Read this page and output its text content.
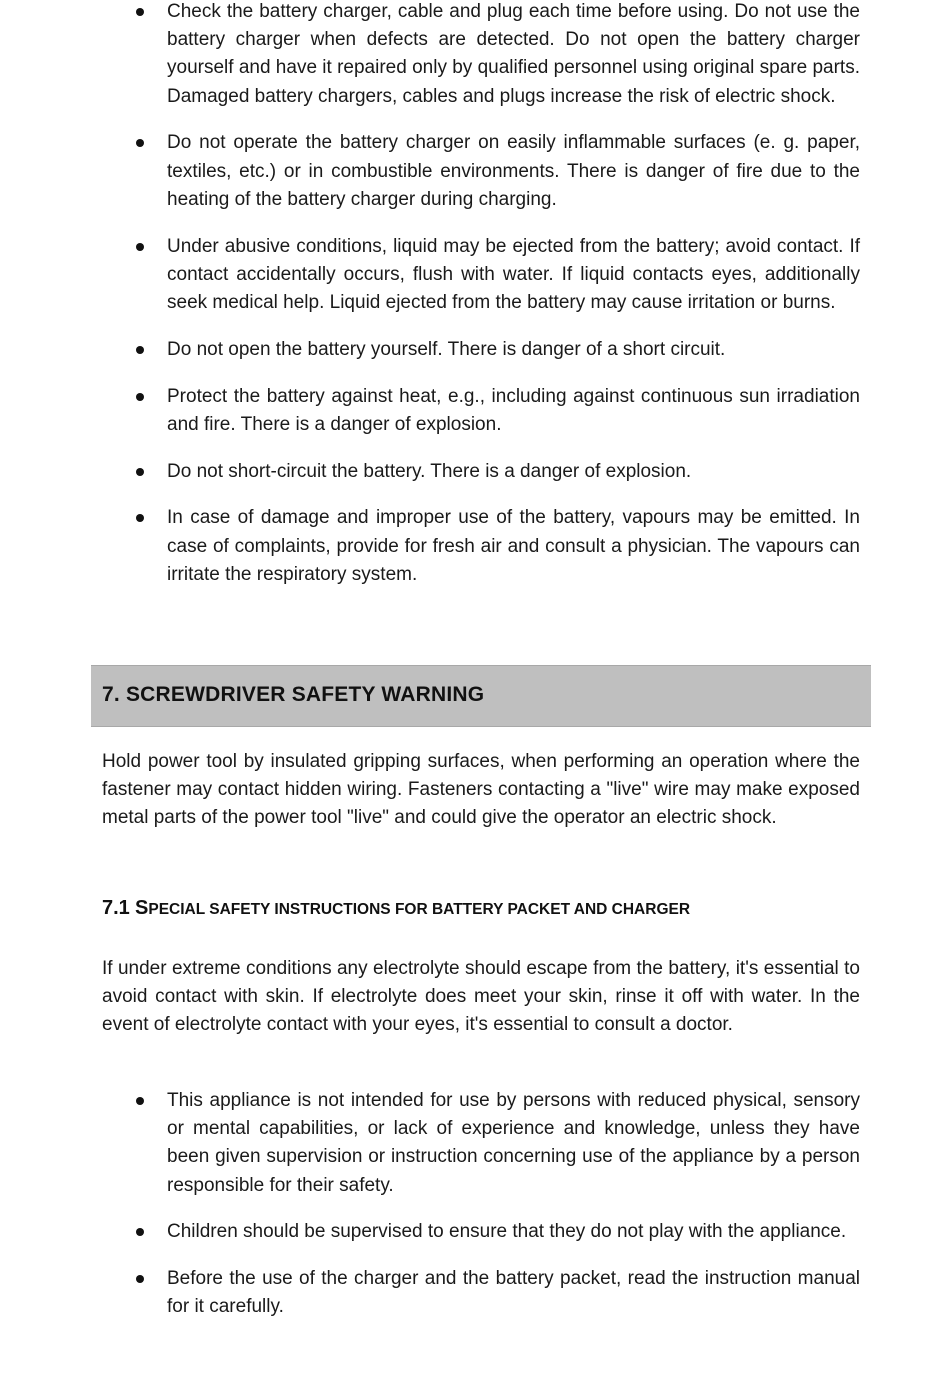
Check the battery charger, cable and plug each time before using. Do not use the battery charger when defects are detected. Do not open the battery charger yourself and have it repaired only by qualified personnel using original spare parts. Damaged battery chargers, cables and plugs increase the risk of electric shock.
Do not operate the battery charger on easily inflammable surfaces (e. g. paper, textiles, etc.) or in combustible environments. There is danger of fire due to the heating of the battery charger during charging.
Under abusive conditions, liquid may be ejected from the battery; avoid contact. If contact accidentally occurs, flush with water. If liquid contacts eyes, additionally seek medical help. Liquid ejected from the battery may cause irritation or burns.
Do not open the battery yourself. There is danger of a short circuit.
Protect the battery against heat, e.g., including against continuous sun irradiation and fire. There is a danger of explosion.
Do not short-circuit the battery. There is a danger of explosion.
In case of damage and improper use of the battery, vapours may be emitted. In case of complaints, provide for fresh air and consult a physician. The vapours can irritate the respiratory system.
7. SCREWDRIVER SAFETY WARNING

Hold power tool by insulated gripping surfaces, when performing an operation where the fastener may contact hidden wiring. Fasteners contacting a "live" wire may make exposed metal parts of the power tool "live" and could give the operator an electric shock.

7.1 SPECIAL SAFETY INSTRUCTIONS FOR BATTERY PACKET AND CHARGER

If under extreme conditions any electrolyte should escape from the battery, it's essential to avoid contact with skin. If electrolyte does meet your skin, rinse it off with water. In the event of electrolyte contact with your eyes, it's essential to consult a doctor.

This appliance is not intended for use by persons with reduced physical, sensory or mental capabilities, or lack of experience and knowledge, unless they have been given supervision or instruction concerning use of the appliance by a person responsible for their safety.
Children should be supervised to ensure that they do not play with the appliance.
Before the use of the charger and the battery packet, read the instruction manual for it carefully.
